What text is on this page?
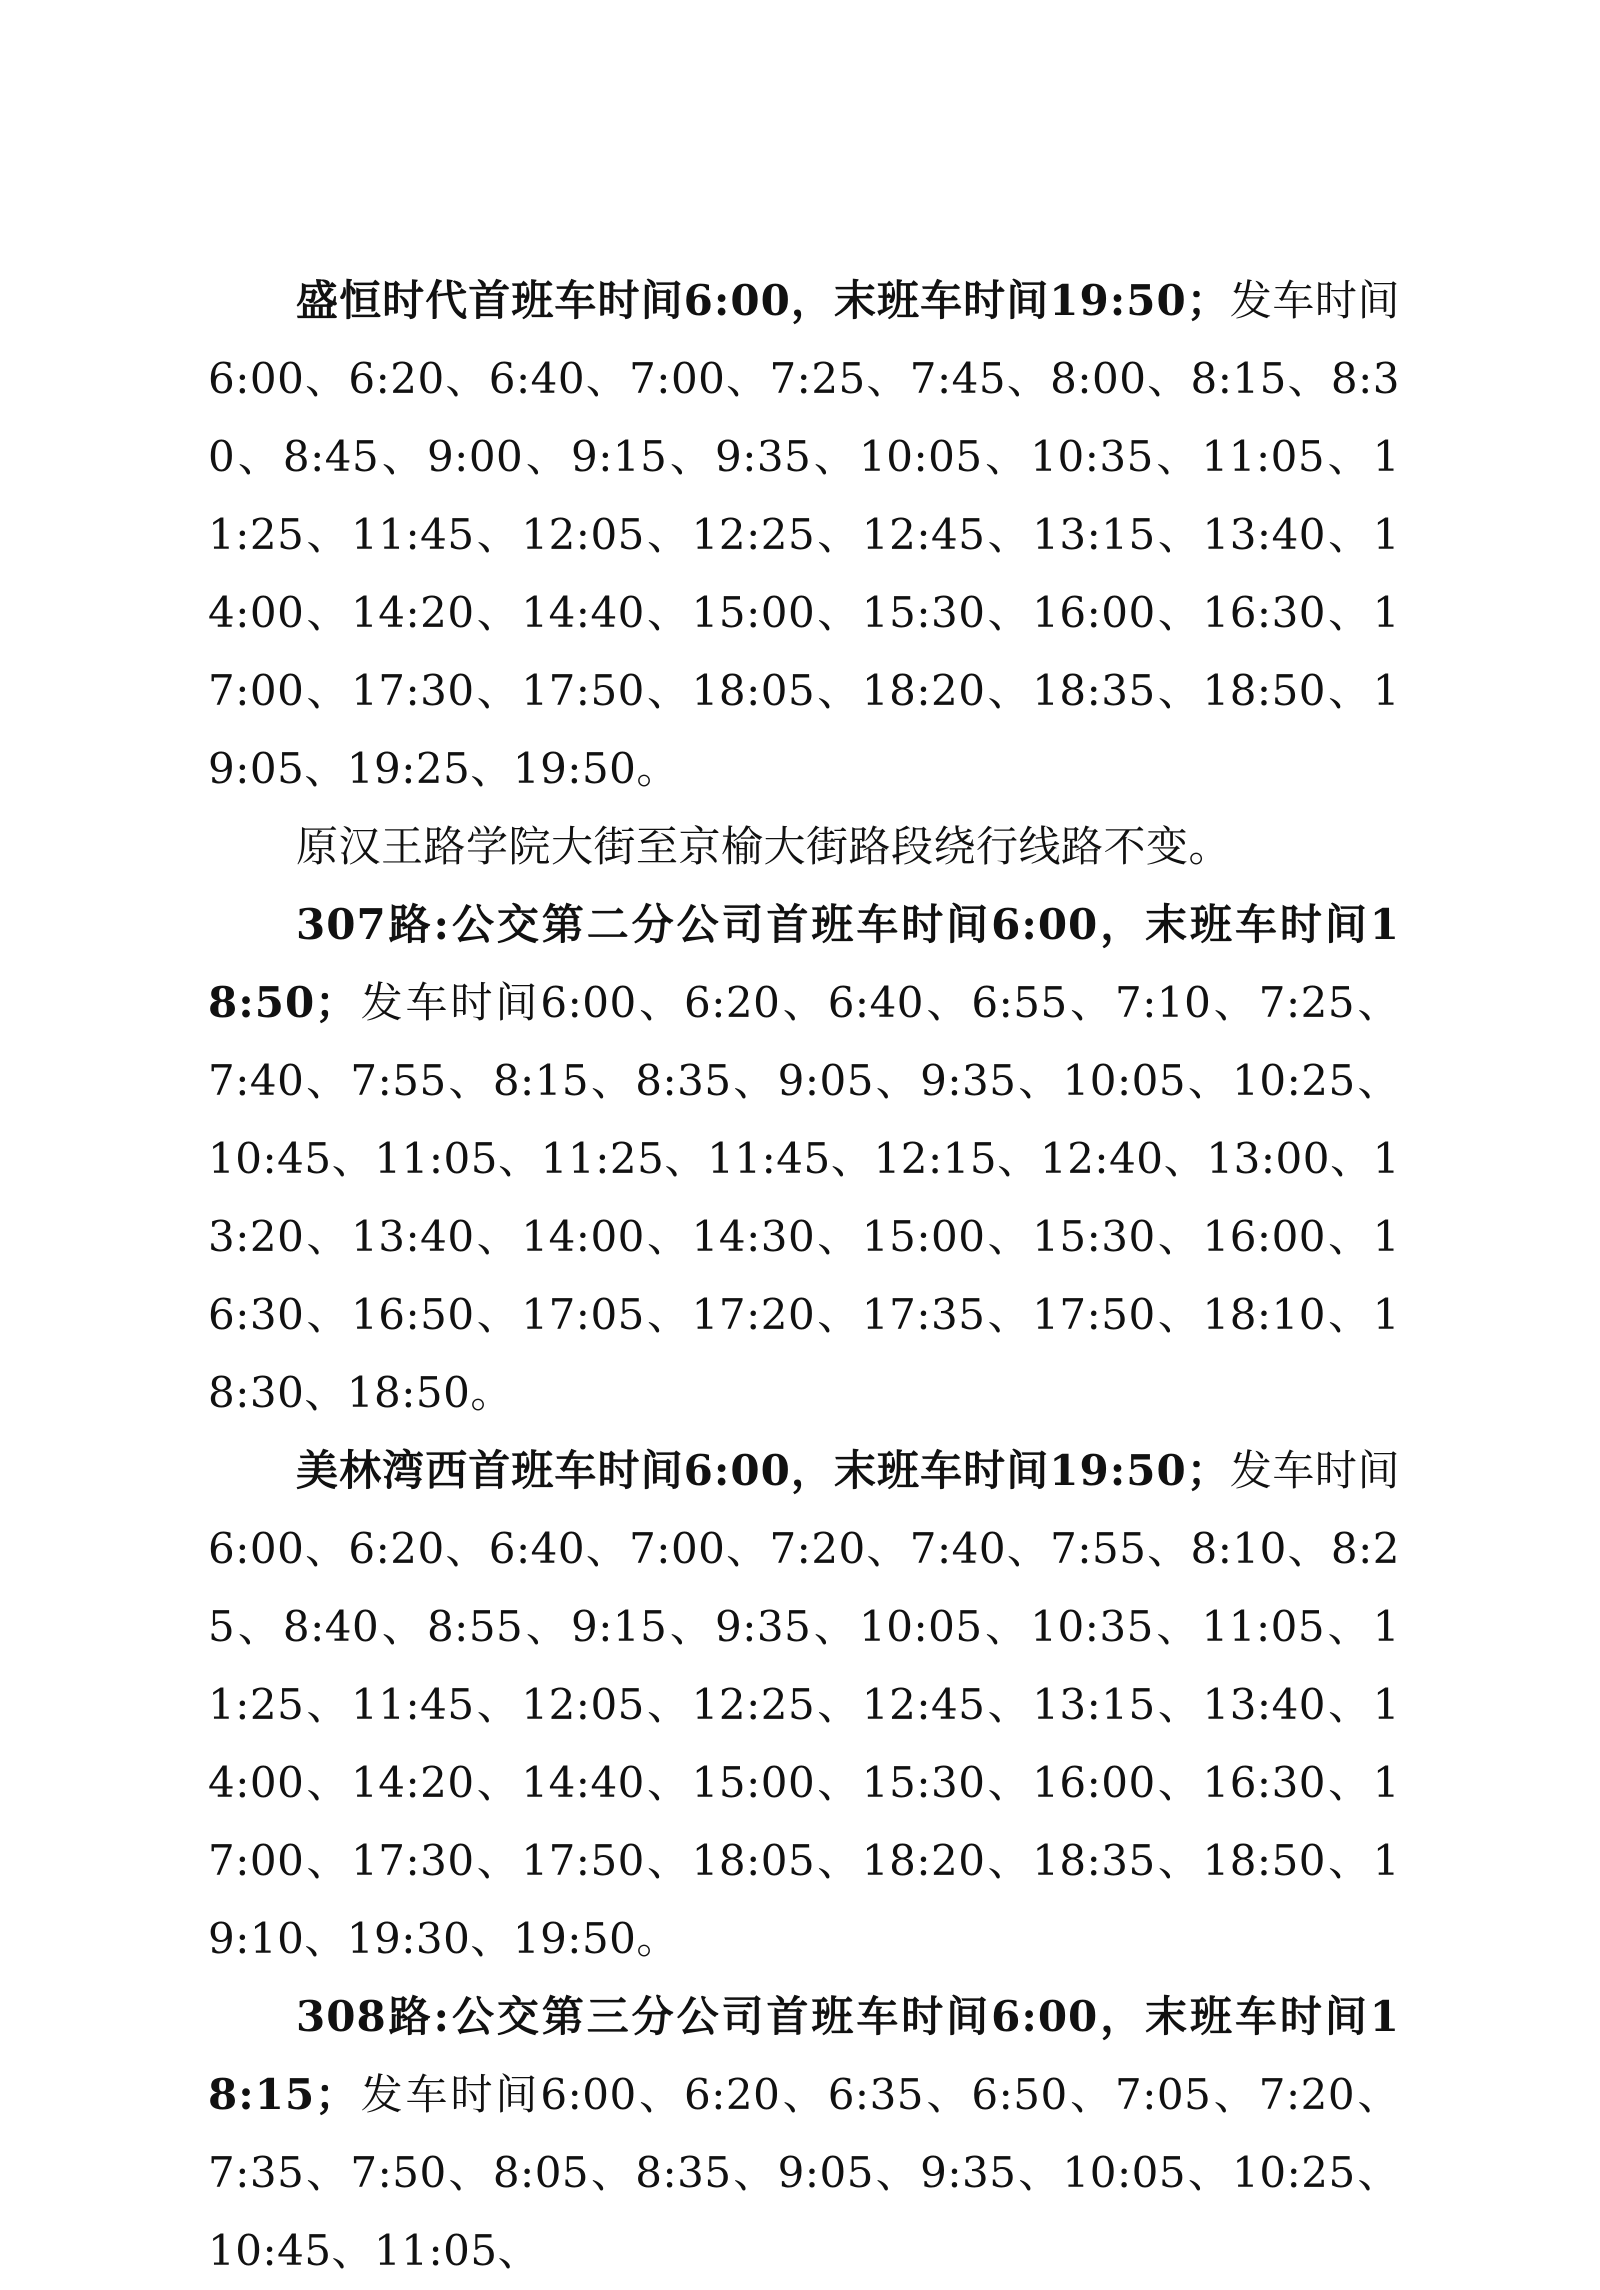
盛恒时代首班车时间6:00，末班车时间19:50；发车时间6:00、6:20、6:40、7:00、7:25、7:45、8:00、8:15、8:30、8:45、9:00、9:15、9:35、10:05、10:35、11:05、11:25、11:45、12:05、12:25、12:45、13:15、13:40、14:00、14:20、14:40、15:00、15:30、16:00、16:30、17:00、17:30、17:50、18:05、18:20、18:35、18:50、19:05、19:25、19:50。

原汉王路学院大街至京榆大街路段绕行线路不变。

307路:公交第二分公司首班车时间6:00，末班车时间18:50；发车时间6:00、6:20、6:40、6:55、7:10、7:25、7:40、7:55、8:15、8:35、9:05、9:35、10:05、10:25、10:45、11:05、11:25、11:45、12:15、12:40、13:00、13:20、13:40、14:00、14:30、15:00、15:30、16:00、16:30、16:50、17:05、17:20、17:35、17:50、18:10、18:30、18:50。

美林湾西首班车时间6:00，末班车时间19:50；发车时间6:00、6:20、6:40、7:00、7:20、7:40、7:55、8:10、8:25、8:40、8:55、9:15、9:35、10:05、10:35、11:05、11:25、11:45、12:05、12:25、12:45、13:15、13:40、14:00、14:20、14:40、15:00、15:30、16:00、16:30、17:00、17:30、17:50、18:05、18:20、18:35、18:50、19:10、19:30、19:50。

308路:公交第三分公司首班车时间6:00，末班车时间18:15；发车时间6:00、6:20、6:35、6:50、7:05、7:20、7:35、7:50、8:05、8:35、9:05、9:35、10:05、10:25、10:45、11:05、
